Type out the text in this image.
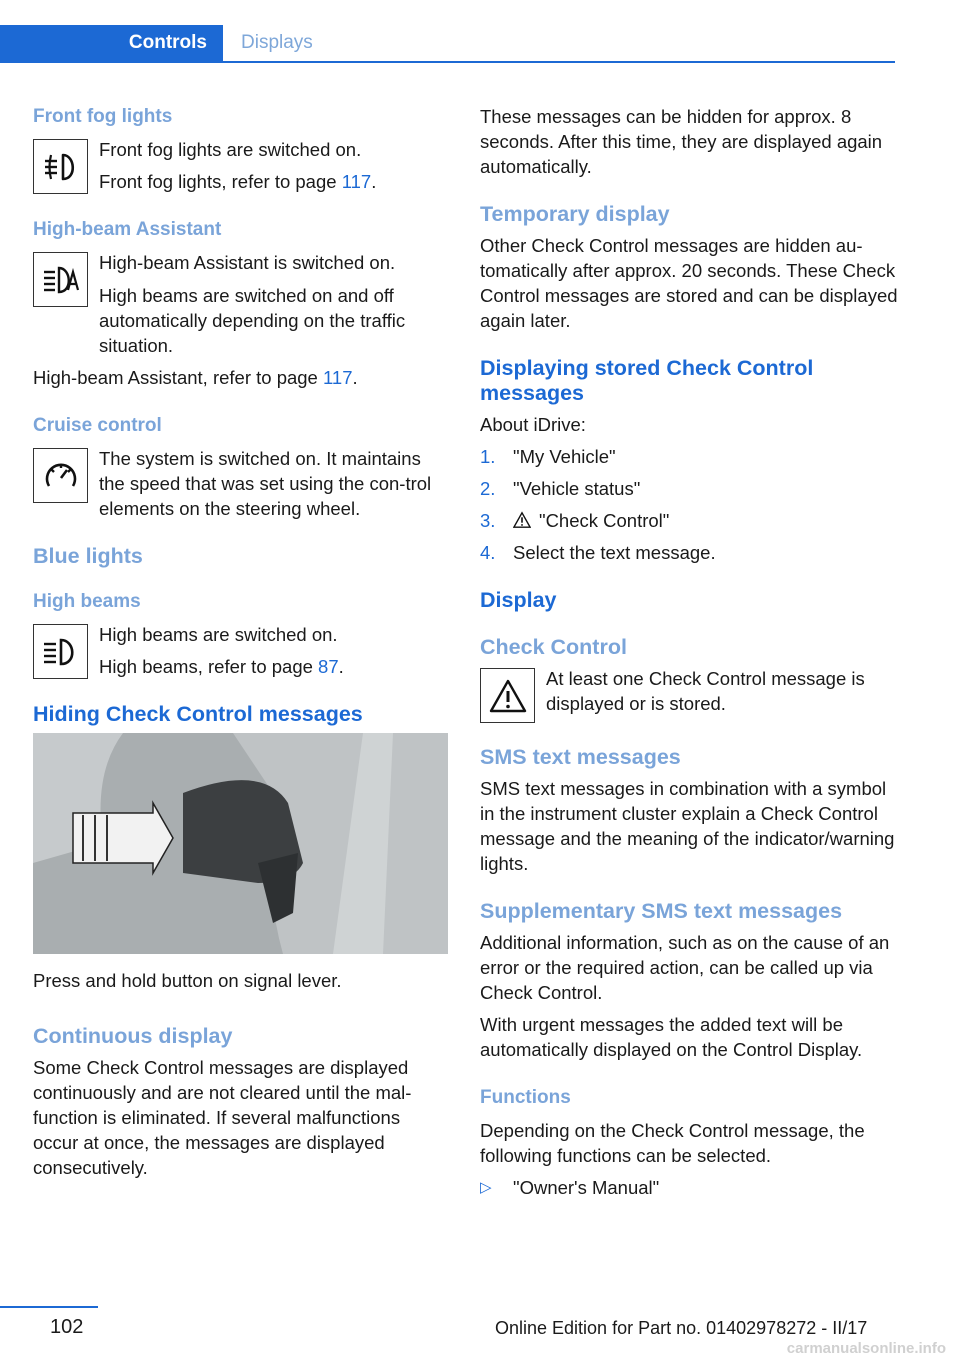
Controls	Displays
Front fog lights

Front fog lights are switched on.

Front fog lights, refer to page 117.

High-beam Assistant

High-beam Assistant is switched on.

High beams are switched on and off automatically depending on the traffic situation.

High-beam Assistant, refer to page 117.

Cruise control

The system is switched on. It maintains the speed that was set using the con‐trol elements on the steering wheel.

Blue lights
High beams

High beams are switched on.

High beams, refer to page 87.

Hiding Check Control messages

Press and hold button on signal lever.

Continuous display

Some Check Control messages are displayed continuously and are not cleared until the mal‐function is eliminated. If several malfunctions occur at once, the messages are displayed consecutively.

These messages can be hidden for approx. 8 seconds. After this time, they are displayed again automatically.

Temporary display

Other Check Control messages are hidden au‐tomatically after approx. 20 seconds. These Check Control messages are stored and can be displayed again later.

Displaying stored Check Control messages

About iDrive:

1. "My Vehicle"
2. "Vehicle status"
3.	"Check Control"
4. Select the text message.
Display
Check Control

At least one Check Control message is displayed or is stored.

SMS text messages

SMS text messages in combination with a symbol in the instrument cluster explain a Check Control message and the meaning of the indicator/warning lights.

Supplementary SMS text messages

Additional information, such as on the cause of an error or the required action, can be called up via Check Control.

With urgent messages the added text will be automatically displayed on the Control Display.

Functions

Depending on the Check Control message, the following functions can be selected.

▷	"Owner's Manual"
102	Online Edition for Part no. 01402978272 - II/17
carmanualsonline.info
